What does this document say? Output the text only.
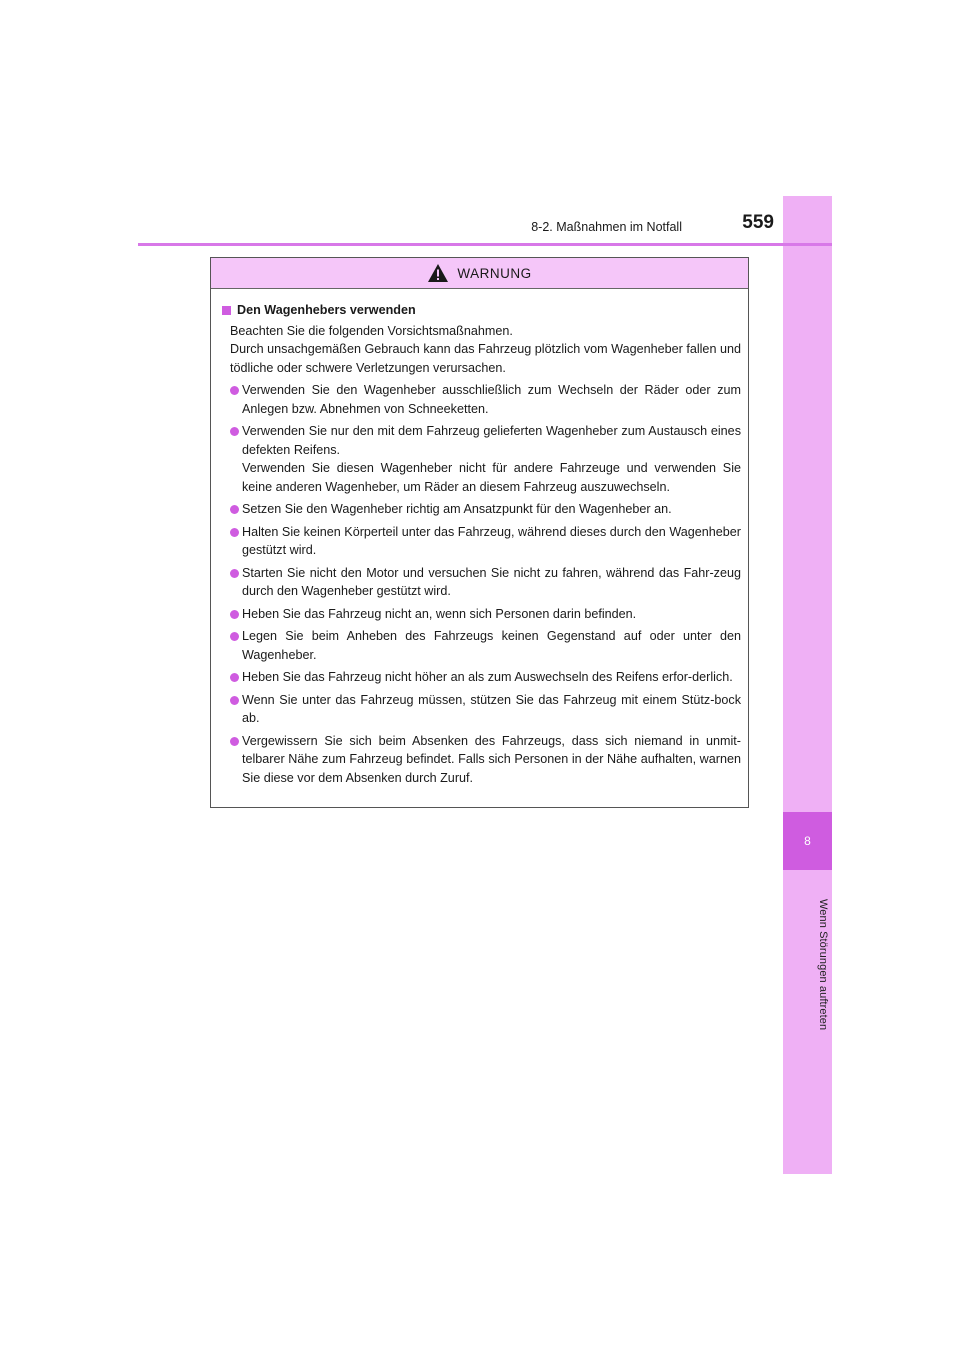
8
Wenn Störungen auftreten
8-2. Maßnahmen im Notfall	559
WARNUNG
Den Wagenhebers verwenden

Beachten Sie die folgenden Vorsichtsmaßnahmen.

Durch unsachgemäßen Gebrauch kann das Fahrzeug plötzlich vom Wagenheber fallen und tödliche oder schwere Verletzungen verursachen.

Verwenden Sie den Wagenheber ausschließlich zum Wechseln der Räder oder zum Anlegen bzw. Abnehmen von Schneeketten.

Verwenden Sie nur den mit dem Fahrzeug gelieferten Wagenheber zum Austausch eines defekten Reifens.

Verwenden Sie diesen Wagenheber nicht für andere Fahrzeuge und verwenden Sie keine anderen Wagenheber, um Räder an diesem Fahrzeug auszuwechseln.

Setzen Sie den Wagenheber richtig am Ansatzpunkt für den Wagenheber an.

Halten Sie keinen Körperteil unter das Fahrzeug, während dieses durch den Wagenheber gestützt wird.

Starten Sie nicht den Motor und versuchen Sie nicht zu fahren, während das Fahr-zeug durch den Wagenheber gestützt wird.

Heben Sie das Fahrzeug nicht an, wenn sich Personen darin befinden.

Legen Sie beim Anheben des Fahrzeugs keinen Gegenstand auf oder unter den Wagenheber.

Heben Sie das Fahrzeug nicht höher an als zum Auswechseln des Reifens erfor-derlich.

Wenn Sie unter das Fahrzeug müssen, stützen Sie das Fahrzeug mit einem Stütz-bock ab.

Vergewissern Sie sich beim Absenken des Fahrzeugs, dass sich niemand in unmit-telbarer Nähe zum Fahrzeug befindet. Falls sich Personen in der Nähe aufhalten, warnen Sie diese vor dem Absenken durch Zuruf.
